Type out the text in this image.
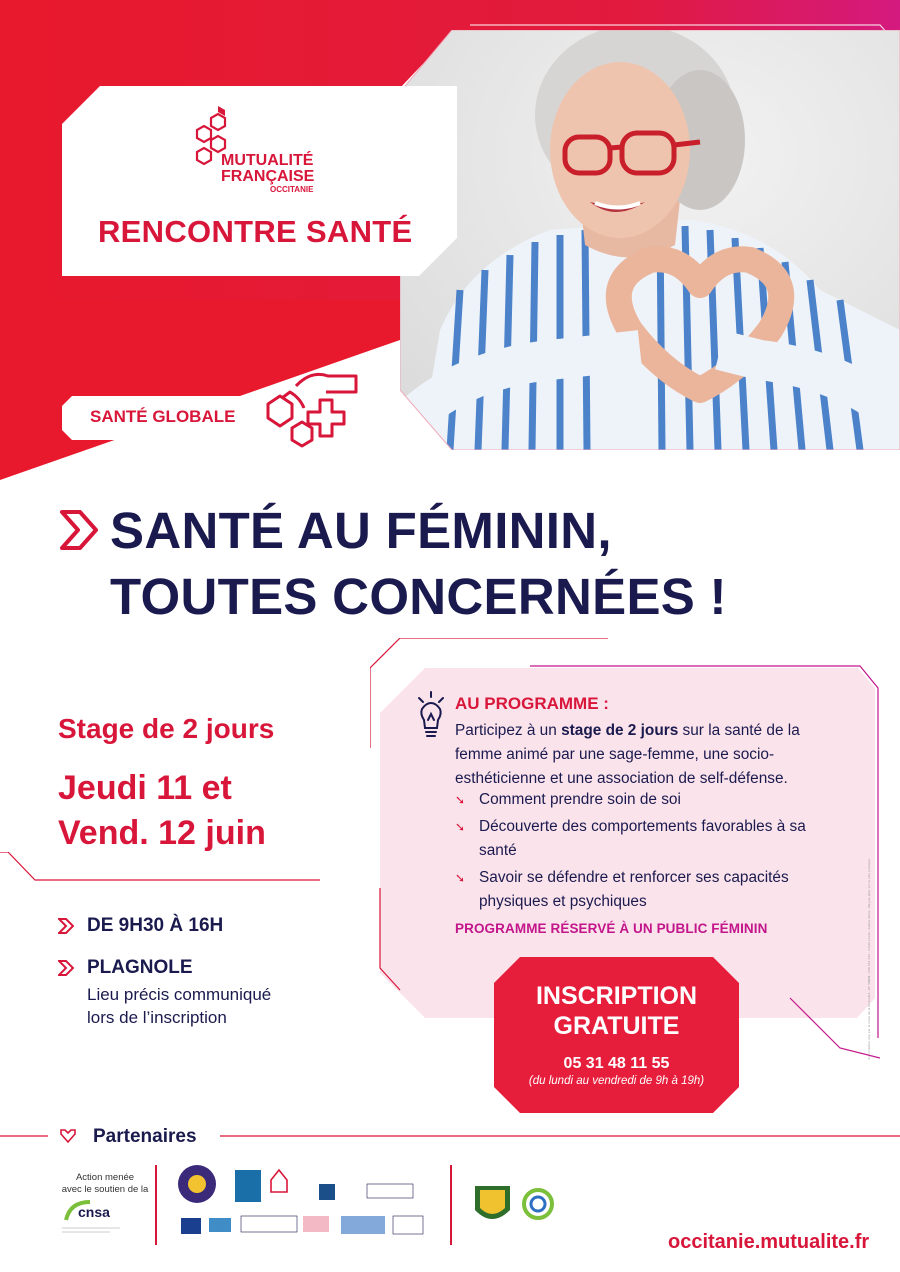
MUTUALITÉ
FRANÇAISE
OCCITANIE
RENCONTRE SANTÉ
SANTÉ GLOBALE
SANTÉ AU FÉMININ,
TOUTES CONCERNÉES !
Stage de 2 jours
Jeudi 11 et
Vend. 12 juin
DE 9H30 À 16H
PLAGNOLE
Lieu précis communiqué
lors de l’inscription
AU PROGRAMME :

Participez à un stage de 2 jours sur la santé de la femme animé par une sage-femme, une socio-esthéticienne et une association de self-défense.

➘ Comment prendre soin de soi
➘ Découverte des comportements favorables à sa santé
➘ Savoir se défendre et renforcer ses capacités physiques et psychiques
PROGRAMME RÉSERVÉ À UN PUBLIC FÉMININ	Un ministère régi par le Code de la Mutualité - N° SIREN : 449 351 542 - Crédit photo : Adobe Stock - Ne pas jeter sur la voie publique
INSCRIPTION
GRATUITE
05 31 48 11 55
(du lundi au vendredi de 9h à 19h)
Partenaires
Action menée
avec le soutien de la
cnsa
occitanie.mutualite.fr
